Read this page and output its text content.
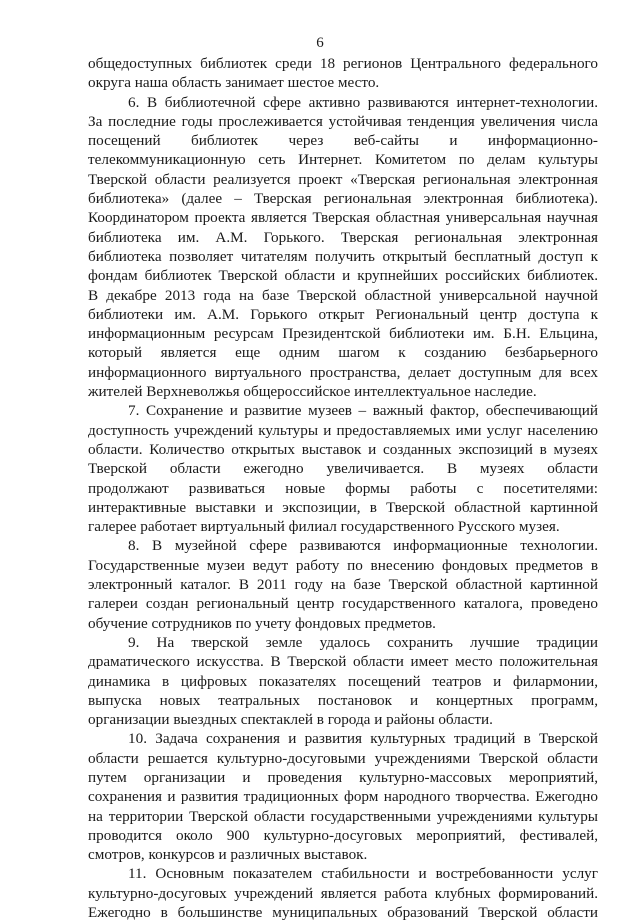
6
общедоступных библиотек среди 18 регионов Центрального федерального
округа наша область занимает шестое место.
6. В библиотечной сфере активно развиваются интернет-технологии.
За последние годы прослеживается устойчивая тенденция увеличения числа
посещений библиотек через веб-сайты и информационно-
телекоммуникационную сеть Интернет. Комитетом по делам культуры
Тверской области реализуется проект «Тверская региональная электронная
библиотека» (далее – Тверская региональная электронная библиотека).
Координатором проекта является Тверская областная универсальная научная
библиотека им. А.М. Горького. Тверская региональная электронная
библиотека позволяет читателям получить открытый бесплатный доступ к
фондам библиотек Тверской области и крупнейших российских библиотек.
В декабре 2013 года на базе Тверской областной универсальной научной
библиотеки им. А.М. Горького открыт Региональный центр доступа к
информационным ресурсам Президентской библиотеки им. Б.Н. Ельцина,
который является еще одним шагом к созданию безбарьерного
информационного виртуального пространства, делает доступным для всех
жителей Верхневолжья общероссийское интеллектуальное наследие.
7. Сохранение и развитие музеев – важный фактор, обеспечивающий
доступность учреждений культуры и предоставляемых ими услуг населению
области. Количество открытых выставок и созданных экспозиций в музеях
Тверской области ежегодно увеличивается. В музеях области
продолжают развиваться новые формы работы с посетителями:
интерактивные выставки и экспозиции, в Тверской областной картинной
галерее работает виртуальный филиал государственного Русского музея.
8. В музейной сфере развиваются информационные технологии.
Государственные музеи ведут работу по внесению фондовых предметов в
электронный каталог. В 2011 году на базе Тверской областной картинной
галереи создан региональный центр государственного каталога, проведено
обучение сотрудников по учету фондовых предметов.
9. На тверской земле удалось сохранить лучшие традиции
драматического искусства. В Тверской области имеет место положительная
динамика в цифровых показателях посещений театров и филармонии,
выпуска новых театральных постановок и концертных программ,
организации выездных спектаклей в города и районы области.
10. Задача сохранения и развития культурных традиций в Тверской
области решается культурно-досуговыми учреждениями Тверской области
путем организации и проведения культурно-массовых мероприятий,
сохранения и развития традиционных форм народного творчества. Ежегодно
на территории Тверской области государственными учреждениями культуры
проводится около 900 культурно-досуговых мероприятий, фестивалей,
смотров, конкурсов и различных выставок.
11. Основным показателем стабильности и востребованности услуг
культурно-досуговых учреждений является работа клубных формирований.
Ежегодно в большинстве муниципальных образований Тверской области
